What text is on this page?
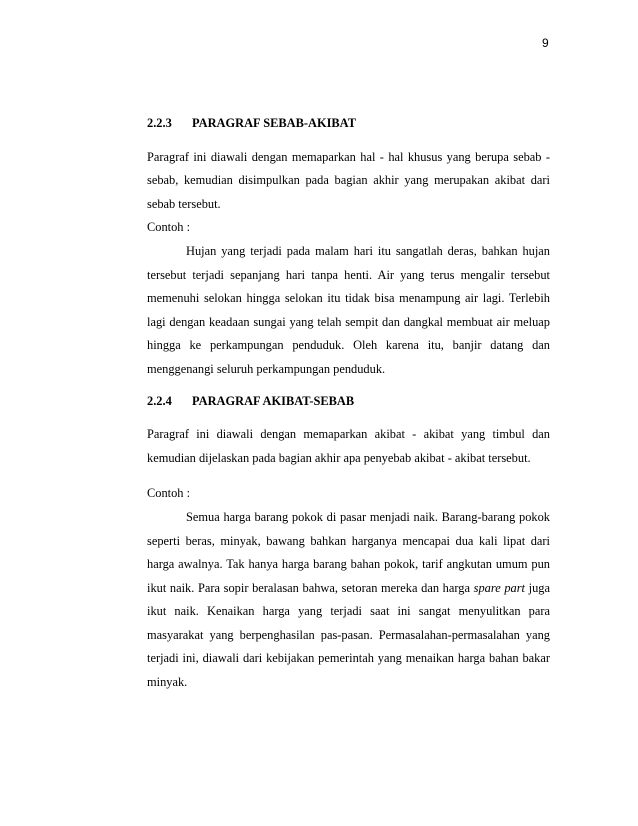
9
2.2.3	PARAGRAF SEBAB-AKIBAT

Paragraf ini diawali dengan memaparkan hal - hal khusus yang berupa sebab - sebab, kemudian disimpulkan pada bagian akhir yang merupakan akibat dari sebab tersebut.

Contoh :

Hujan yang terjadi pada malam hari itu sangatlah deras, bahkan hujan tersebut terjadi sepanjang hari tanpa henti. Air yang terus mengalir tersebut memenuhi selokan hingga selokan itu tidak bisa menampung air lagi. Terlebih lagi dengan keadaan sungai yang telah sempit dan dangkal membuat air meluap hingga ke perkampungan penduduk. Oleh karena itu, banjir datang dan menggenangi seluruh perkampungan penduduk.

2.2.4	PARAGRAF AKIBAT-SEBAB

Paragraf ini diawali dengan memaparkan akibat - akibat yang timbul dan kemudian dijelaskan pada bagian akhir apa penyebab akibat - akibat tersebut.

Contoh :

Semua harga barang pokok di pasar menjadi naik. Barang-barang pokok seperti beras, minyak, bawang bahkan harganya mencapai dua kali lipat dari harga awalnya. Tak hanya harga barang bahan pokok, tarif angkutan umum pun ikut naik. Para sopir beralasan bahwa, setoran mereka dan harga spare part juga ikut naik. Kenaikan harga yang terjadi saat ini sangat menyulitkan para masyarakat yang berpenghasilan pas-pasan. Permasalahan-permasalahan yang terjadi ini, diawali dari kebijakan pemerintah yang menaikan harga bahan bakar minyak.
